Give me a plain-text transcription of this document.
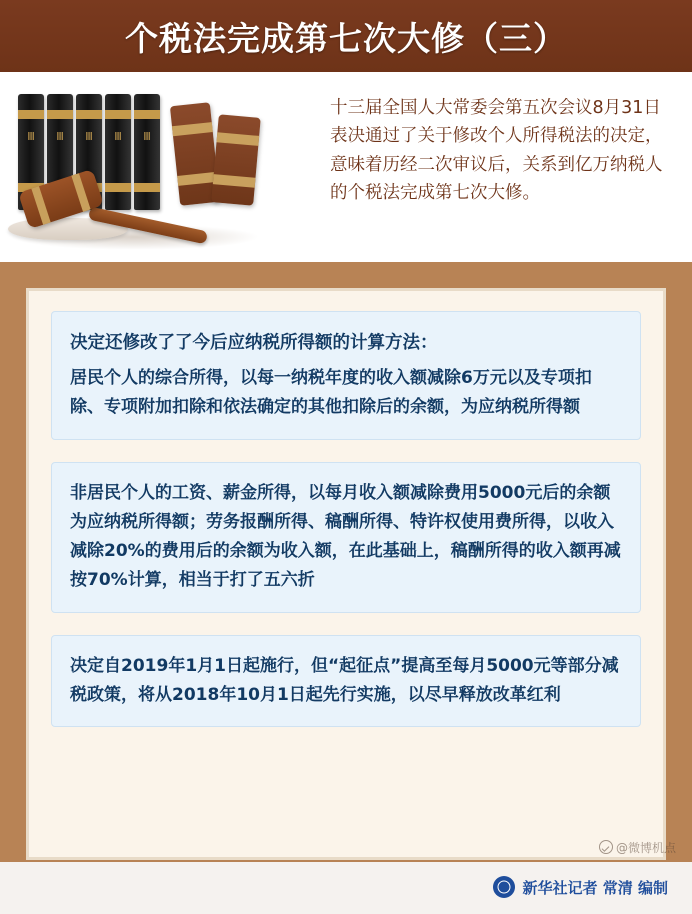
个税法完成第七次大修（三）
Ⅲ	Ⅲ	Ⅲ	Ⅲ	Ⅲ

十三届全国人大常委会第五次会议8月31日表决通过了关于修改个人所得税法的决定，意味着历经二次审议后，关系到亿万纳税人的个税法完成第七次大修。

决定还修改了了今后应纳税所得额的计算方法：

居民个人的综合所得，以每一纳税年度的收入额减除6万元以及专项扣除、专项附加扣除和依法确定的其他扣除后的余额，为应纳税所得额

非居民个人的工资、薪金所得，以每月收入额减除费用5000元后的余额为应纳税所得额；劳务报酬所得、稿酬所得、特许权使用费所得，以收入减除20%的费用后的余额为收入额，在此基础上，稿酬所得的收入额再减按70%计算，相当于打了五六折

决定自2019年1月1日起施行，但“起征点”提高至每月5000元等部分减税政策，将从2018年10月1日起先行实施，以尽早释放改革红利

新华社记者 常清 编制
@微博机点
